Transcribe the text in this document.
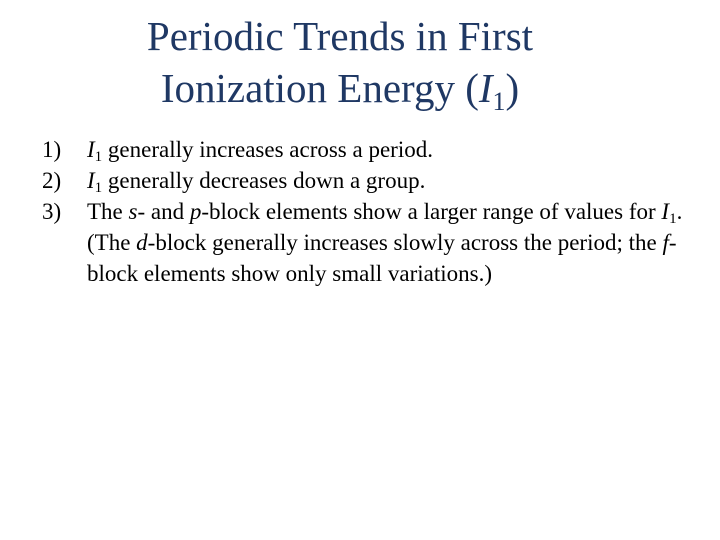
Periodic Trends in First
Ionization Energy $(I_1)$
1) $I_1$ generally increases across a period.
2) $I_1$ generally decreases down a group.
3) The s- and p-block elements show a larger range of values for $I_1$. (The d-block generally increases slowly across the period; the f-block elements show only small variations.)
